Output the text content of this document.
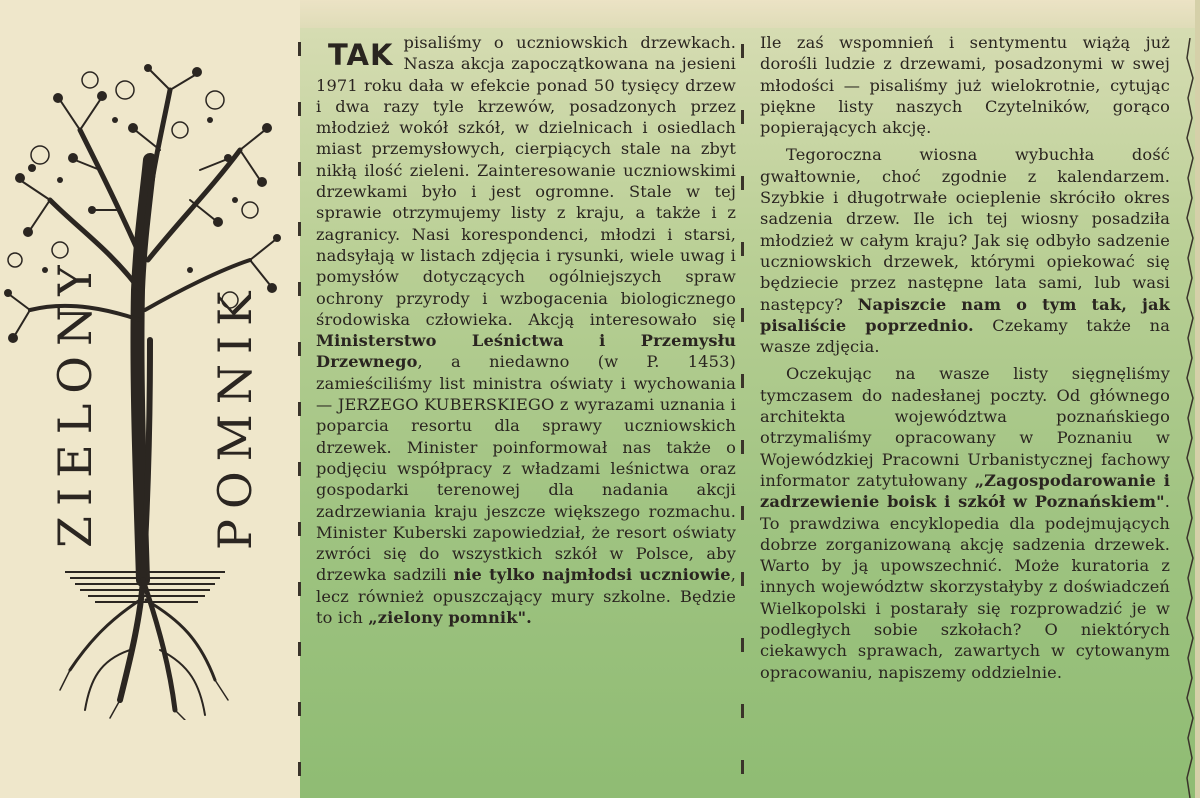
ZIELONY POMNIK

TAK pisaliśmy o uczniowskich drzewkach. Nasza akcja zapoczątkowana na jesieni 1971 roku dała w efekcie ponad 50 tysięcy drzew i dwa razy tyle krzewów, posadzonych przez młodzież wokół szkół, w dzielnicach i osiedlach miast przemysłowych, cierpiących stale na zbyt nikłą ilość zieleni. Zainteresowanie uczniowskimi drzewkami było i jest ogromne. Stale w tej sprawie otrzymujemy listy z kraju, a także i z zagranicy. Nasi korespondenci, młodzi i starsi, nadsyłają w listach zdjęcia i rysunki, wiele uwag i pomysłów dotyczących ogólniejszych spraw ochrony przyrody i wzbogacenia biologicznego środowiska człowieka. Akcją interesowało się Ministerstwo Leśnictwa i Przemysłu Drzewnego, a niedawno (w P. 1453) zamieściliśmy list ministra oświaty i wychowania — JERZEGO KUBERSKIEGO z wyrazami uznania i poparcia resortu dla sprawy uczniowskich drzewek. Minister poinformował nas także o podjęciu współpracy z władzami leśnictwa oraz gospodarki terenowej dla nadania akcji zadrzewiania kraju jeszcze większego rozmachu. Minister Kuberski zapowiedział, że resort oświaty zwróci się do wszystkich szkół w Polsce, aby drzewka sadzili nie tylko najmłodsi uczniowie, lecz również opuszczający mury szkolne. Będzie to ich „zielony pomnik".

Ile zaś wspomnień i sentymentu wiążą już dorośli ludzie z drzewami, posadzonymi w swej młodości — pisaliśmy już wielokrotnie, cytując piękne listy naszych Czytelników, gorąco popierających akcję.

Tegoroczna wiosna wybuchła dość gwałtownie, choć zgodnie z kalendarzem. Szybkie i długotrwałe ocieplenie skróciło okres sadzenia drzew. Ile ich tej wiosny posadziła młodzież w całym kraju? Jak się odbyło sadzenie uczniowskich drzewek, którymi opiekować się będziecie przez następne lata sami, lub wasi następcy? Napiszcie nam o tym tak, jak pisaliście poprzednio. Czekamy także na wasze zdjęcia.

Oczekując na wasze listy sięgnęliśmy tymczasem do nadesłanej poczty. Od głównego architekta województwa poznańskiego otrzymaliśmy opracowany w Poznaniu w Wojewódzkiej Pracowni Urbanistycznej fachowy informator zatytułowany „Zagospodarowanie i zadrzewienie boisk i szkół w Poznańskiem". To prawdziwa encyklopedia dla podejmujących dobrze zorganizowaną akcję sadzenia drzewek. Warto by ją upowszechnić. Może kuratoria z innych województw skorzystałyby z doświadczeń Wielkopolski i postarały się rozprowadzić je w podległych sobie szkołach? O niektórych ciekawych sprawach, zawartych w cytowanym opracowaniu, napiszemy oddzielnie.
